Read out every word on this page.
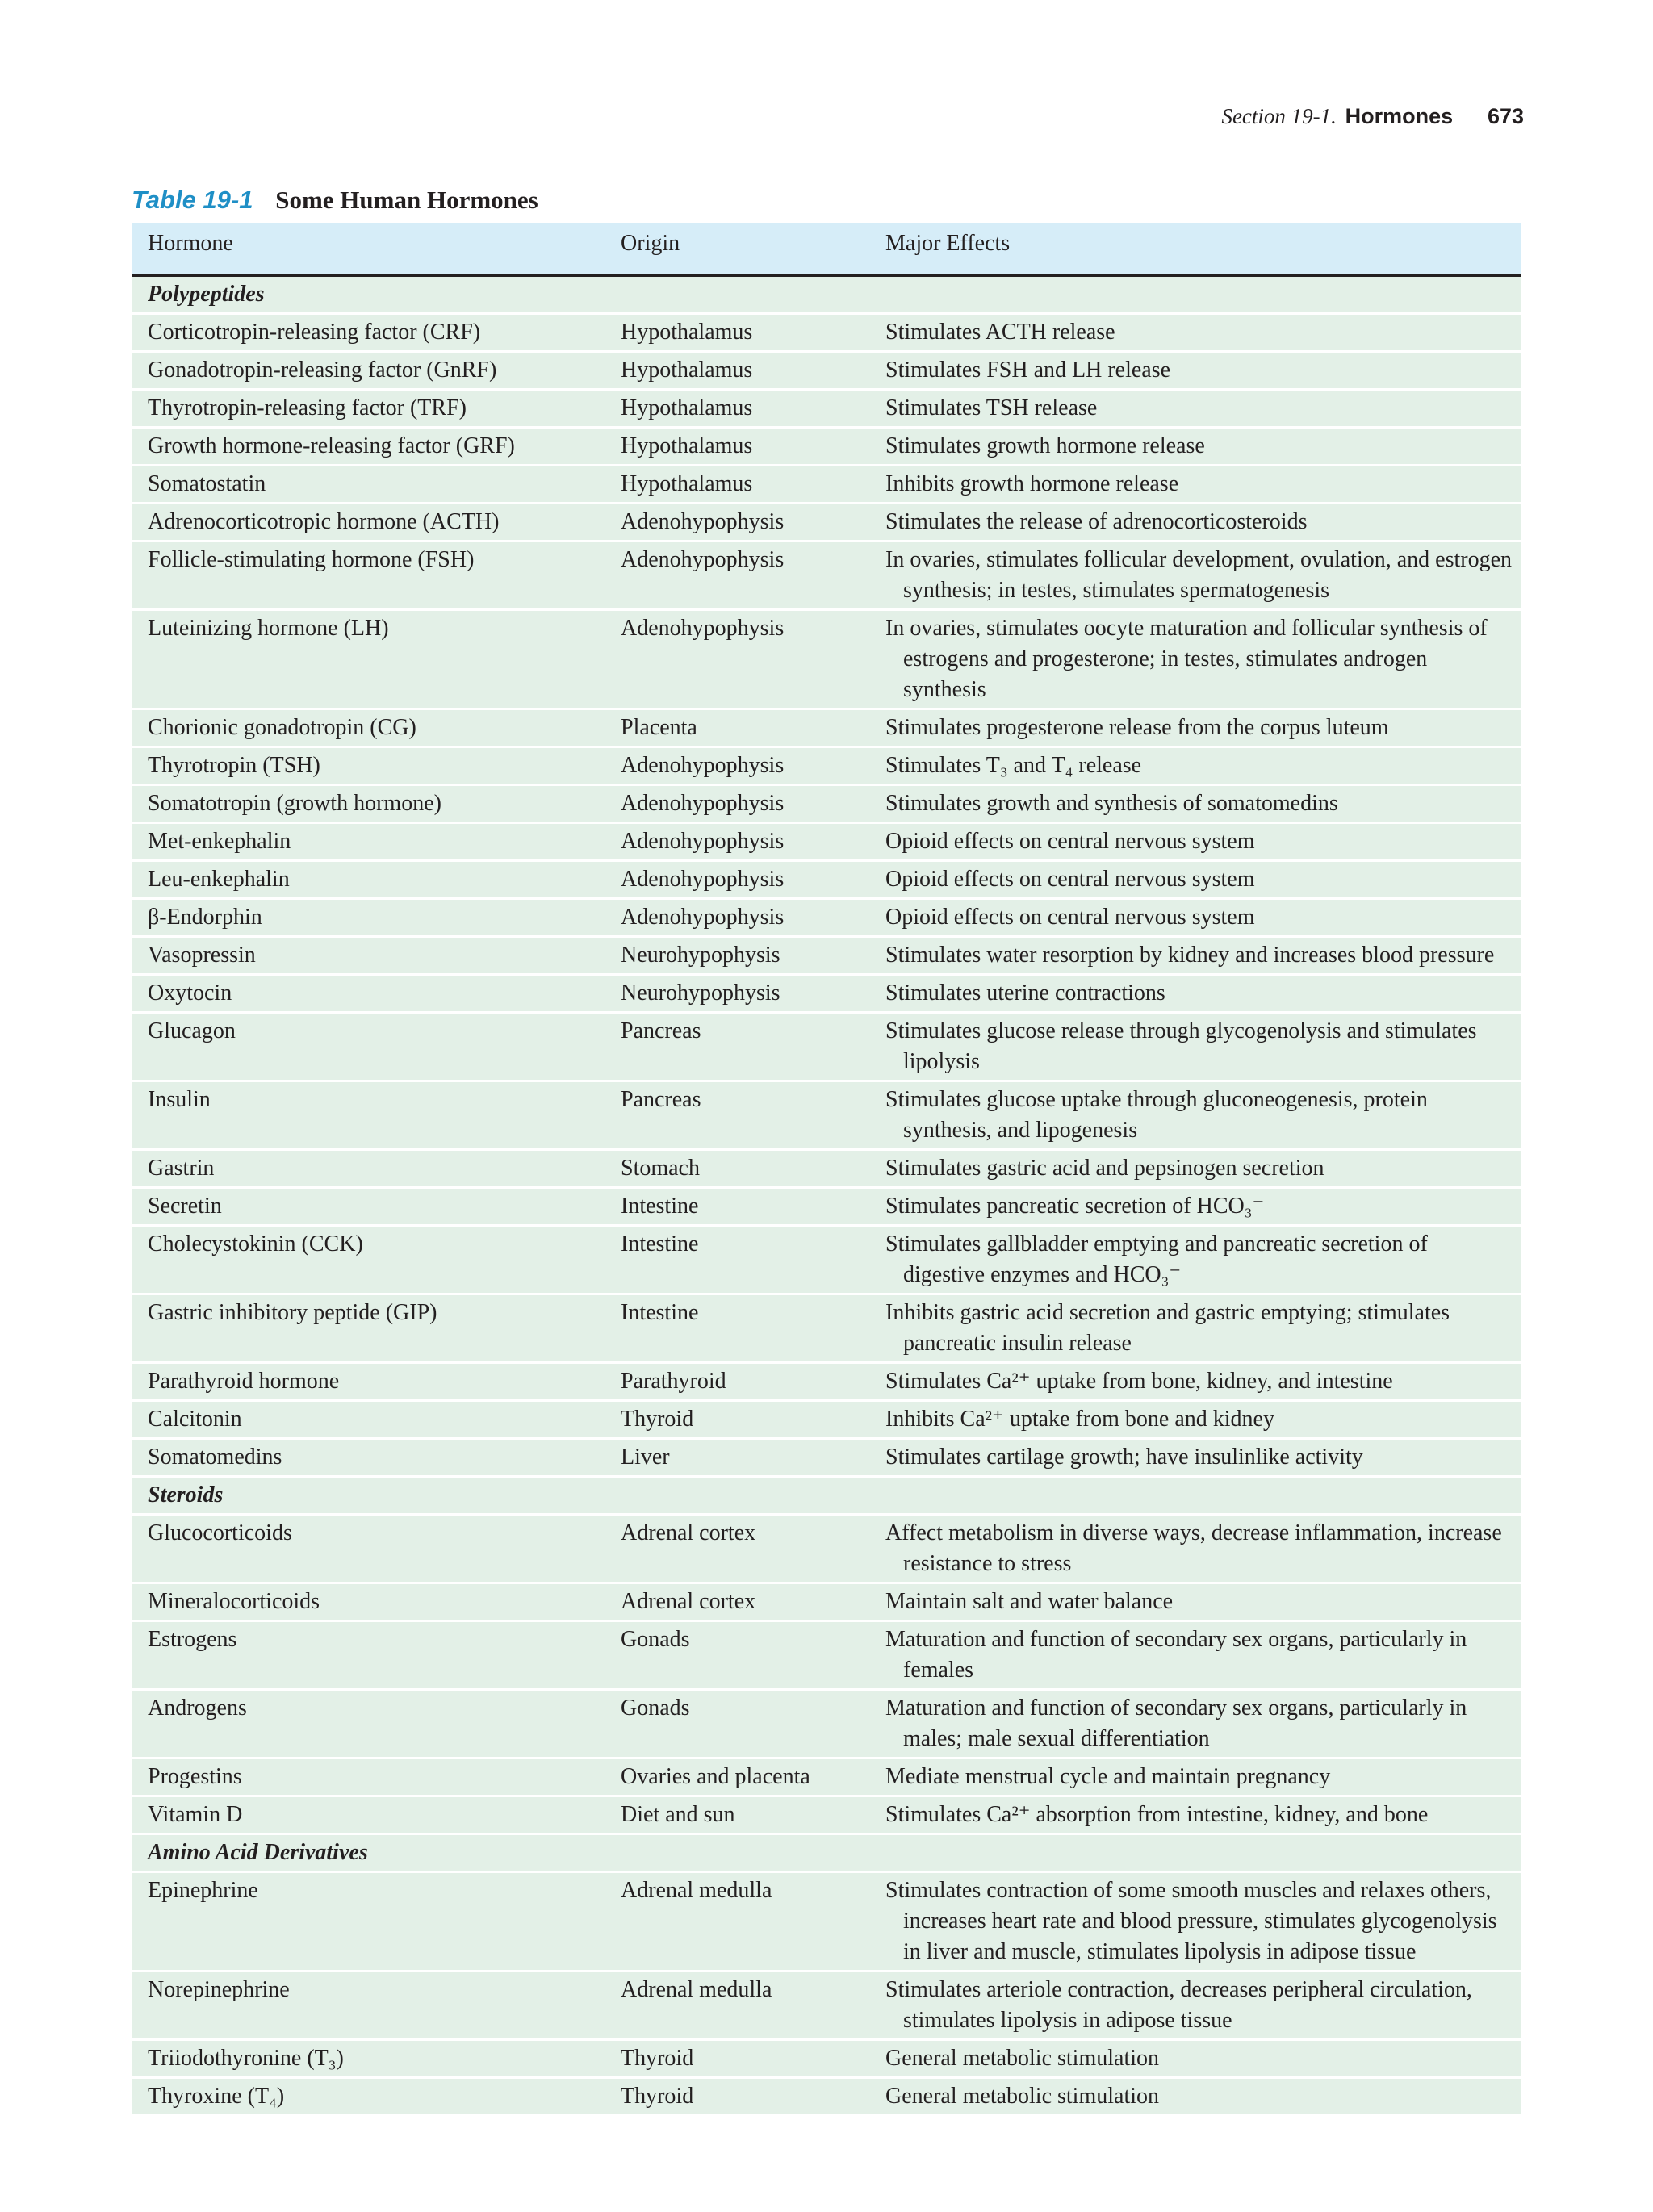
Section 19-1. Hormones 673
Table 19-1 Some Human Hormones
Hormone	Origin	Major Effects
Polypeptides		
Corticotropin-releasing factor (CRF)	Hypothalamus	Stimulates ACTH release

Gonadotropin-releasing factor (GnRF)	Hypothalamus	Stimulates FSH and LH release

Thyrotropin-releasing factor (TRF)	Hypothalamus	Stimulates TSH release

Growth hormone-releasing factor (GRF)	Hypothalamus	Stimulates growth hormone release

Somatostatin	Hypothalamus	Inhibits growth hormone release

Adrenocorticotropic hormone (ACTH)	Adenohypophysis	Stimulates the release of adrenocorticosteroids

Follicle-stimulating hormone (FSH)	Adenohypophysis	In ovaries, stimulates follicular development, ovulation, and estrogen synthesis; in testes, stimulates spermatogenesis

Luteinizing hormone (LH)	Adenohypophysis	In ovaries, stimulates oocyte maturation and follicular synthesis of estrogens and progesterone; in testes, stimulates androgen synthesis

Chorionic gonadotropin (CG)	Placenta	Stimulates progesterone release from the corpus luteum

Thyrotropin (TSH)	Adenohypophysis	Stimulates T₃ and T₄ release

Somatotropin (growth hormone)	Adenohypophysis	Stimulates growth and synthesis of somatomedins

Met-enkephalin	Adenohypophysis	Opioid effects on central nervous system

Leu-enkephalin	Adenohypophysis	Opioid effects on central nervous system

β-Endorphin	Adenohypophysis	Opioid effects on central nervous system

Vasopressin	Neurohypophysis	Stimulates water resorption by kidney and increases blood pressure

Oxytocin	Neurohypophysis	Stimulates uterine contractions

Glucagon	Pancreas	Stimulates glucose release through glycogenolysis and stimulates lipolysis

Insulin	Pancreas	Stimulates glucose uptake through gluconeogenesis, protein synthesis, and lipogenesis

Gastrin	Stomach	Stimulates gastric acid and pepsinogen secretion

Secretin	Intestine	Stimulates pancreatic secretion of HCO₃⁻

Cholecystokinin (CCK)	Intestine	Stimulates gallbladder emptying and pancreatic secretion of digestive enzymes and HCO₃⁻

Gastric inhibitory peptide (GIP)	Intestine	Inhibits gastric acid secretion and gastric emptying; stimulates pancreatic insulin release

Parathyroid hormone	Parathyroid	Stimulates Ca²⁺ uptake from bone, kidney, and intestine

Calcitonin	Thyroid	Inhibits Ca²⁺ uptake from bone and kidney

Somatomedins	Liver	Stimulates cartilage growth; have insulinlike activity

Steroids		
Glucocorticoids	Adrenal cortex	Affect metabolism in diverse ways, decrease inflammation, increase resistance to stress

Mineralocorticoids	Adrenal cortex	Maintain salt and water balance

Estrogens	Gonads	Maturation and function of secondary sex organs, particularly in females

Androgens	Gonads	Maturation and function of secondary sex organs, particularly in males; male sexual differentiation

Progestins	Ovaries and placenta	Mediate menstrual cycle and maintain pregnancy

Vitamin D	Diet and sun	Stimulates Ca²⁺ absorption from intestine, kidney, and bone

Amino Acid Derivatives		
Epinephrine	Adrenal medulla	Stimulates contraction of some smooth muscles and relaxes others, increases heart rate and blood pressure, stimulates glycogenolysis in liver and muscle, stimulates lipolysis in adipose tissue

Norepinephrine	Adrenal medulla	Stimulates arteriole contraction, decreases peripheral circulation, stimulates lipolysis in adipose tissue

Triiodothyronine (T₃)	Thyroid	General metabolic stimulation

Thyroxine (T₄)	Thyroid	General metabolic stimulation
